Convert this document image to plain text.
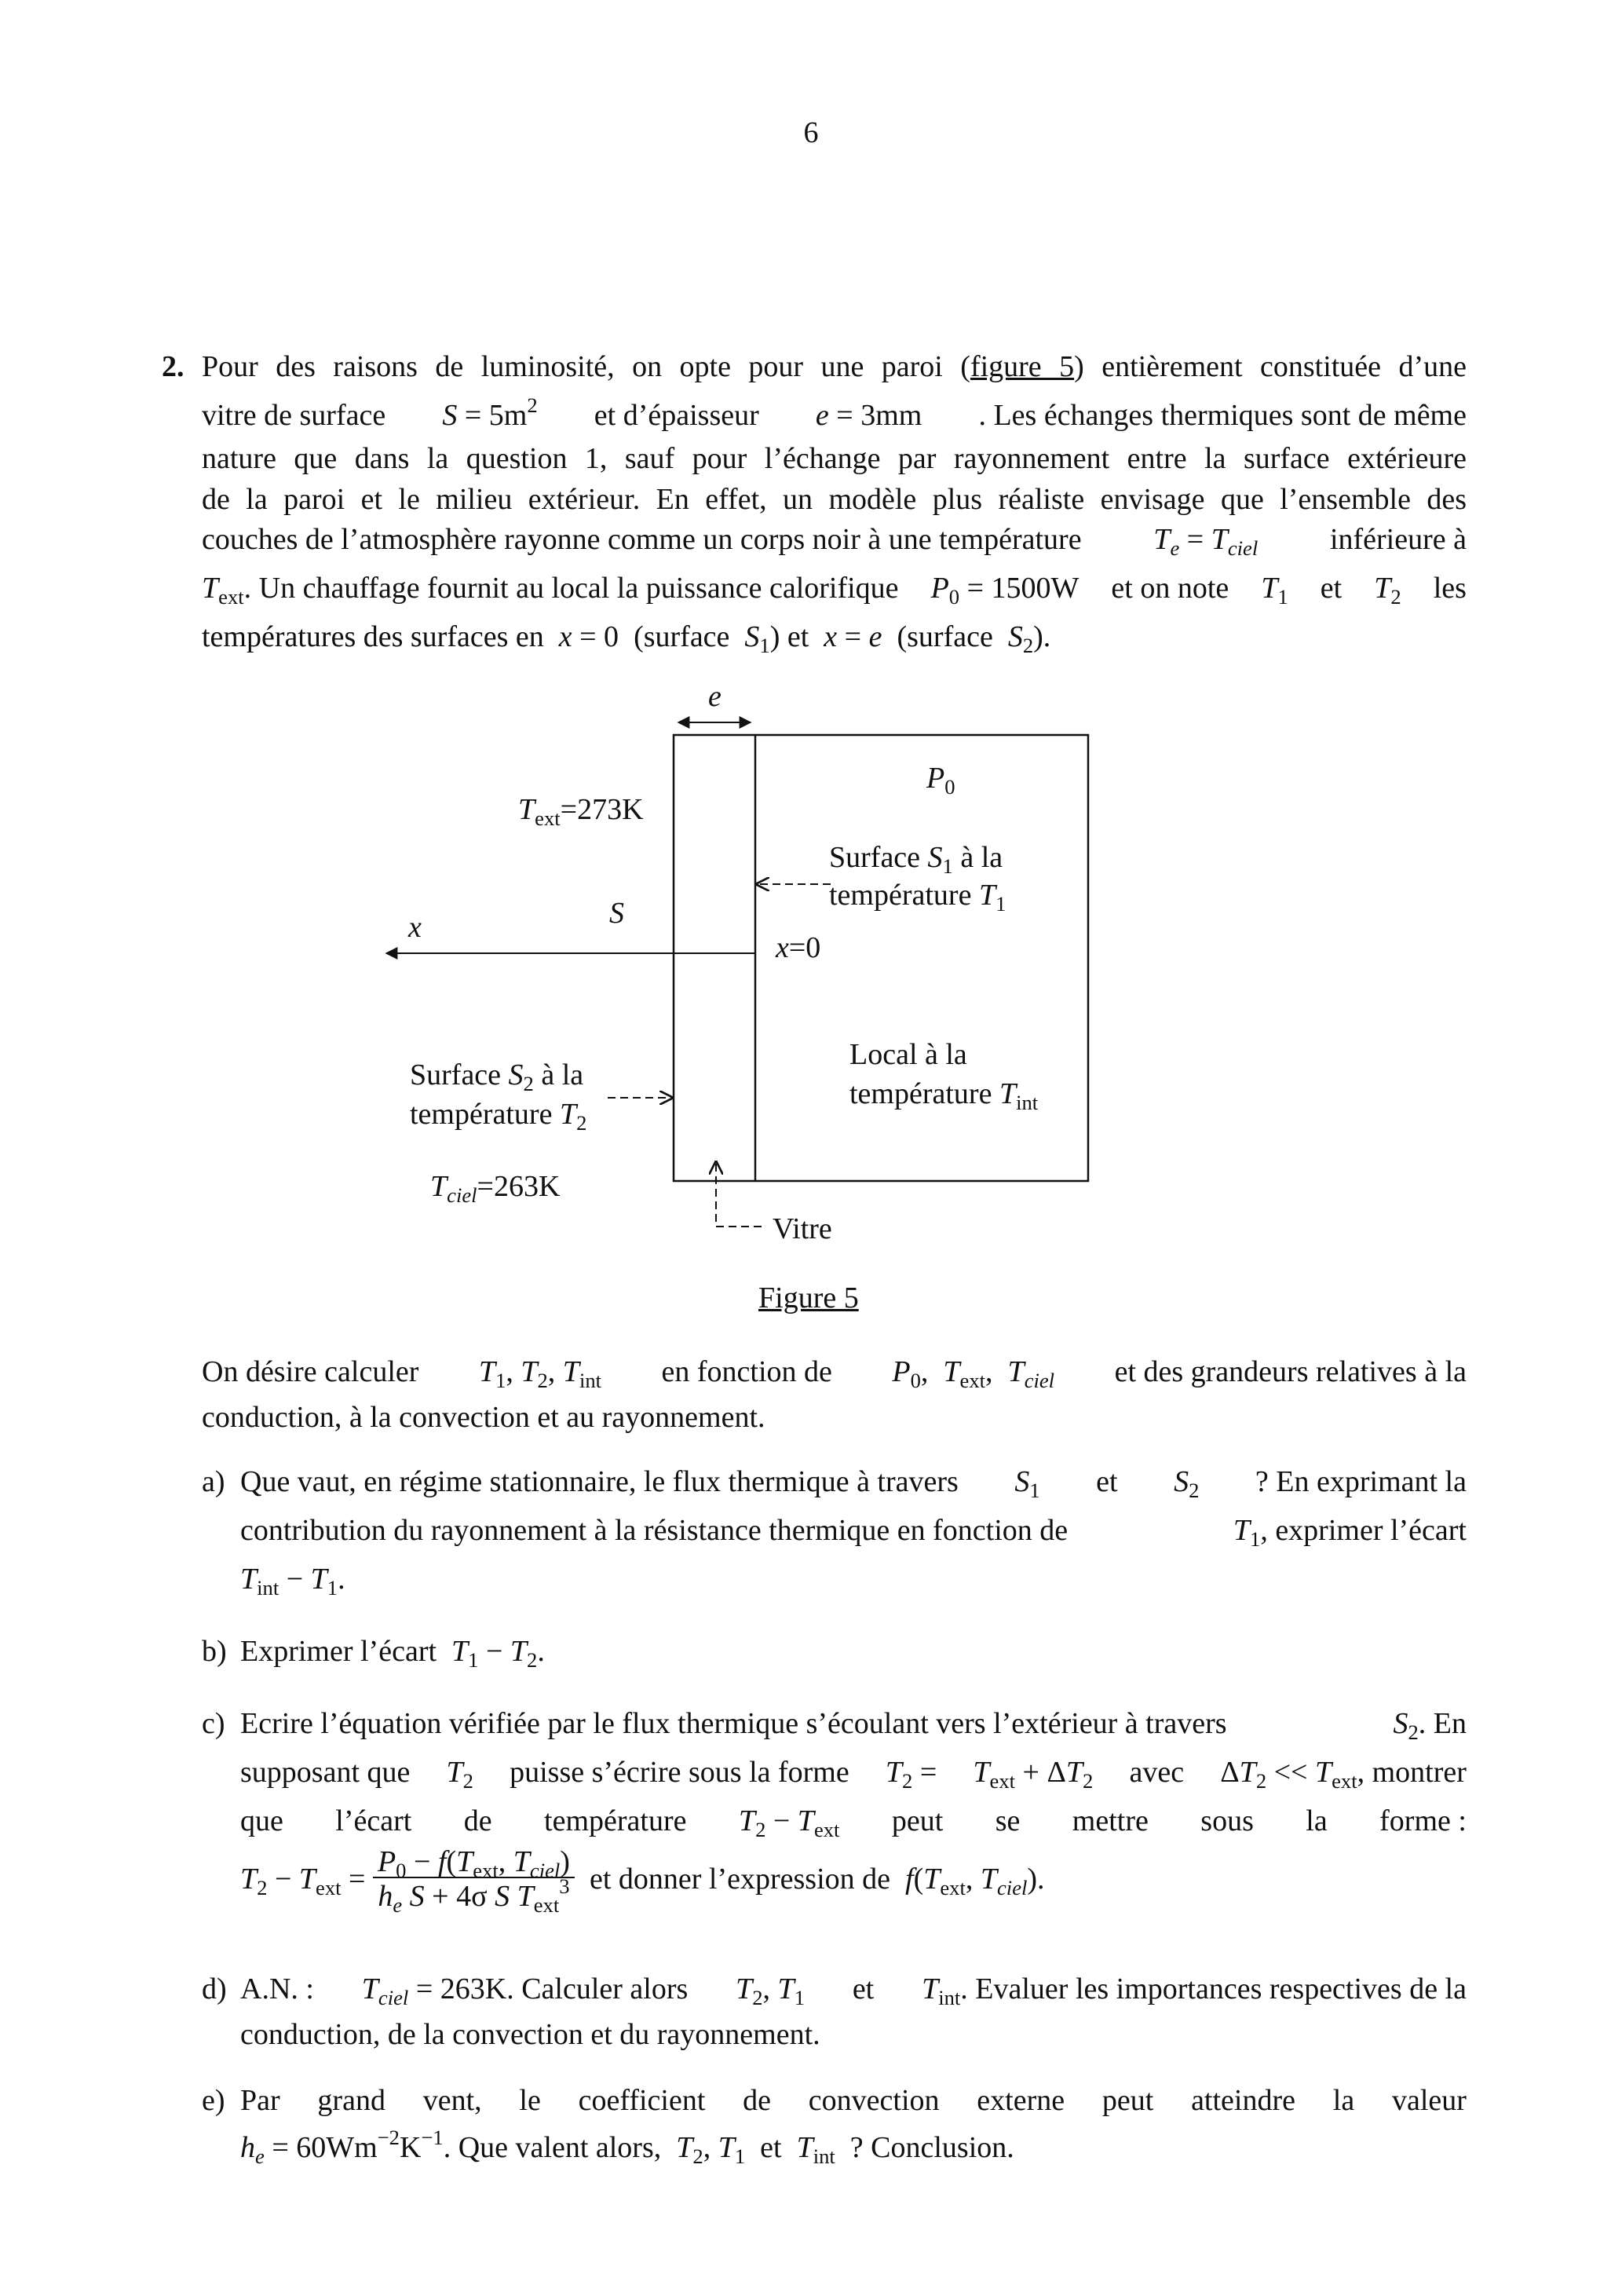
6
2. Pour des raisons de luminosité, on opte pour une paroi (figure 5) entièrement constituée d’une
vitre de surface $S = 5m^2$ et d’épaisseur e = 3mm . Les échanges thermiques sont de même
nature que dans la question 1, sauf pour l’échange par rayonnement entre la surface extérieure
de la paroi et le milieu extérieur. En effet, un modèle plus réaliste envisage que l’ensemble des
couches de l’atmosphère rayonne comme un corps noir à une température $T_e = T_{ciel}$ inférieure à
$T_{ext}$. Un chauffage fournit au local la puissance calorifique $P_0 = 1500W$ et on note $T_1$ et $T_2$ les
températures des surfaces en x = 0  (surface $S_1$) et x = e (surface $S_2$).
e
$P_0$
$T_{ext}=273K$
Surface $S_1$ à la
température $T_1$
S
x
x=0
Local à la
température $T_{int}$
Surface $S_2$ à la
température $T_2$
$T_{ciel}=263K$
Vitre
Figure 5
On désire calculer $T_1$, $T_2$, $T_{int}$ en fonction de $P_0$,  $T_{ext}$,  $T_{ciel}$ et des grandeurs relatives à la
conduction, à la convection et au rayonnement.
a) Que vaut, en régime stationnaire, le flux thermique à travers $S_1$ et $S_2$ ? En exprimant la
contribution du rayonnement à la résistance thermique en fonction de	$T_1$, exprimer l’écart
$T_{int} - T_1$.
b) Exprimer l’écart $T_1 - T_2$.
c) Ecrire l’équation vérifiée par le flux thermique s’écoulant vers l’extérieur à travers	$S_2$. En
supposant que $T_2$ puisse s’écrire sous la forme $T_2 = T_{ext} + \Delta T_2$ avec $\Delta T_2 << T_{ext}$, montrer
que l’écart de température $T_2 - T_{ext}$ peut se mettre sous la forme :
$T_2 - T_{ext} = \frac{P_0 - f(T_{ext}, T_{ciel})}{h_e S + 4\sigma S T_{ext}^3}$ et donner l’expression de $f(T_{ext}$, $T_{ciel}$).
d) A.N. : $T_{ciel} = 263K$. Calculer alors $T_2$, $T_1$ et $T_{int}$. Evaluer les importances respectives de la
conduction, de la convection et du rayonnement.
e) Par grand vent, le coefficient de convection externe peut atteindre la valeur
$h_e = 60Wm^{-2}K^{-1}$. Que valent alors, $T_2$, $T_1$ et $T_{int}$ ? Conclusion.
